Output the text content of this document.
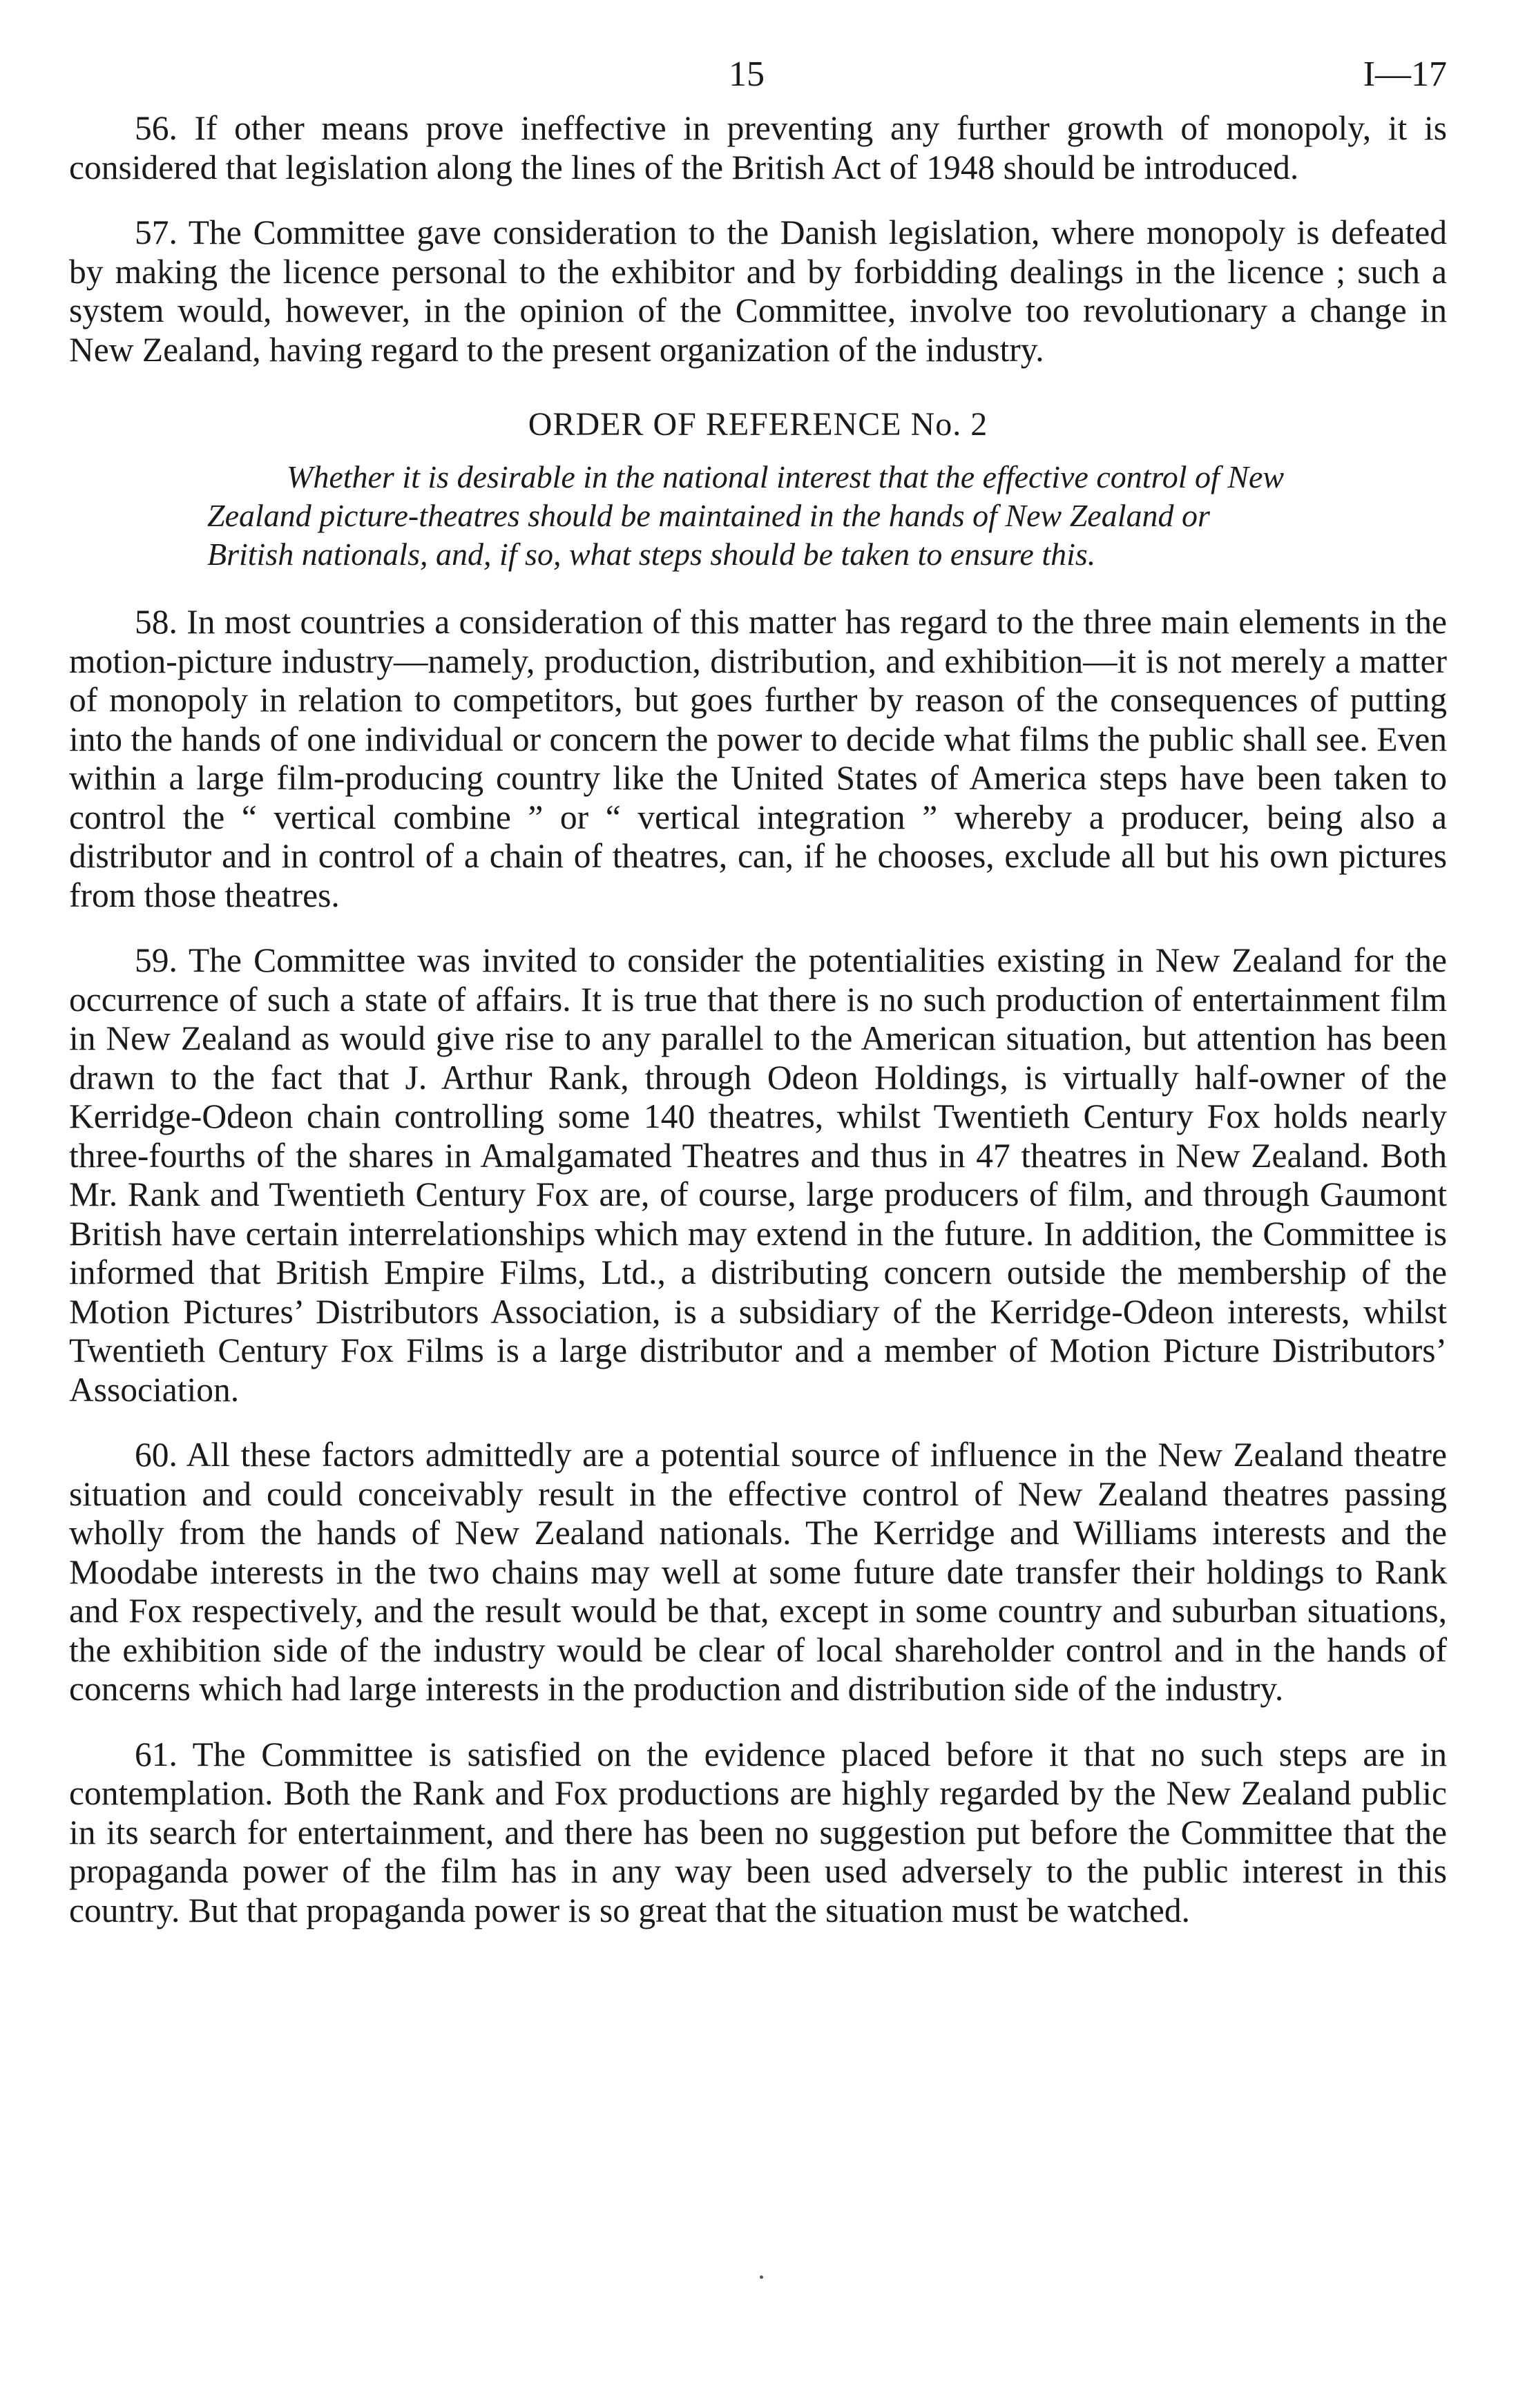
15	I—17

56. If other means prove ineffective in preventing any further growth of monopoly, it is considered that legislation along the lines of the British Act of 1948 should be introduced.

57. The Committee gave consideration to the Danish legislation, where monopoly is defeated by making the licence personal to the exhibitor and by forbidding dealings in the licence ; such a system would, however, in the opinion of the Committee, involve too revolutionary a change in New Zealand, having regard to the present organization of the industry.

ORDER OF REFERENCE No. 2
Whether it is desirable in the national interest that the effective control of New Zealand picture-theatres should be maintained in the hands of New Zealand or British nationals, and, if so, what steps should be taken to ensure this.

58. In most countries a consideration of this matter has regard to the three main elements in the motion-picture industry—namely, production, distribution, and exhibition—it is not merely a matter of monopoly in relation to competitors, but goes further by reason of the consequences of putting into the hands of one individual or concern the power to decide what films the public shall see. Even within a large film-producing country like the United States of America steps have been taken to control the “ vertical combine ” or “ vertical integration ” whereby a producer, being also a distributor and in control of a chain of theatres, can, if he chooses, exclude all but his own pictures from those theatres.

59. The Committee was invited to consider the potentialities existing in New Zealand for the occurrence of such a state of affairs. It is true that there is no such production of entertainment film in New Zealand as would give rise to any parallel to the American situation, but attention has been drawn to the fact that J. Arthur Rank, through Odeon Holdings, is virtually half-owner of the Kerridge-Odeon chain controlling some 140 theatres, whilst Twentieth Century Fox holds nearly three-fourths of the shares in Amalgamated Theatres and thus in 47 theatres in New Zealand. Both Mr. Rank and Twentieth Century Fox are, of course, large producers of film, and through Gaumont British have certain interrelationships which may extend in the future. In addition, the Committee is informed that British Empire Films, Ltd., a distributing concern outside the membership of the Motion Pictures’ Distributors Association, is a subsidiary of the Kerridge-Odeon interests, whilst Twentieth Century Fox Films is a large distributor and a member of Motion Picture Distributors’ Association.

60. All these factors admittedly are a potential source of influence in the New Zealand theatre situation and could conceivably result in the effective control of New Zealand theatres passing wholly from the hands of New Zealand nationals. The Kerridge and Williams interests and the Moodabe interests in the two chains may well at some future date transfer their holdings to Rank and Fox respectively, and the result would be that, except in some country and suburban situations, the exhibition side of the industry would be clear of local shareholder control and in the hands of concerns which had large interests in the production and distribution side of the industry.

61. The Committee is satisfied on the evidence placed before it that no such steps are in contemplation. Both the Rank and Fox productions are highly regarded by the New Zealand public in its search for entertainment, and there has been no suggestion put before the Committee that the propaganda power of the film has in any way been used adversely to the public interest in this country. But that propaganda power is so great that the situation must be watched.
